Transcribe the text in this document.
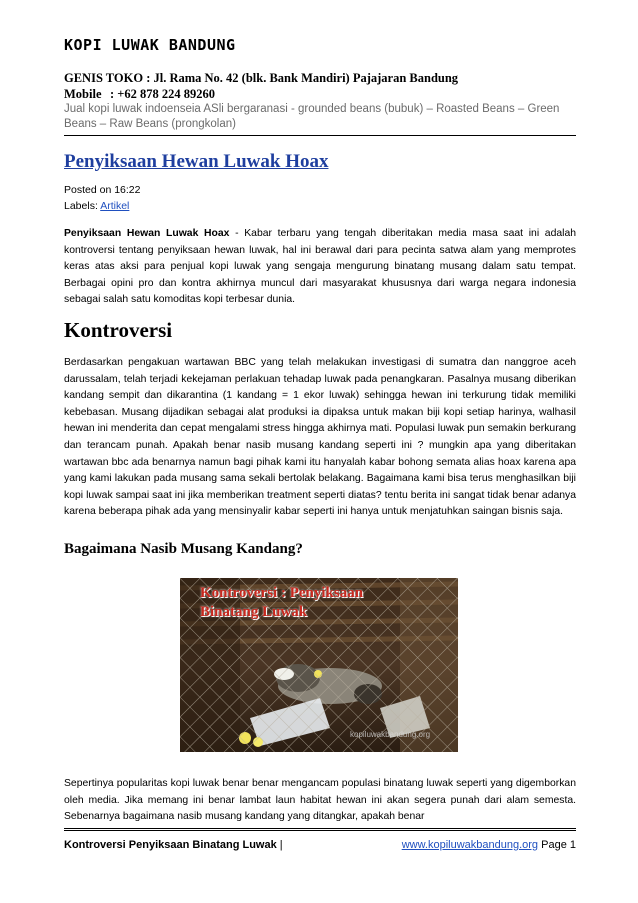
KOPI LUWAK BANDUNG
GENIS TOKO : Jl. Rama No. 42 (blk. Bank Mandiri) Pajajaran Bandung
Mobile : +62 878 224 89260
Jual kopi luwak indoenseia ASli bergaranasi - grounded beans (bubuk) – Roasted Beans – Green Beans – Raw Beans (prongkolan)
Penyiksaan Hewan Luwak Hoax
Posted on 16:22
Labels: Artikel

Penyiksaan Hewan Luwak Hoax - Kabar terbaru yang tengah diberitakan media masa saat ini adalah kontroversi tentang penyiksaan hewan luwak, hal ini berawal dari para pecinta satwa alam yang memprotes keras atas aksi para penjual kopi luwak yang sengaja mengurung binatang musang dalam satu tempat. Berbagai opini pro dan kontra akhirnya muncul dari masyarakat khususnya dari warga negara indonesia sebagai salah satu komoditas kopi terbesar dunia.

Kontroversi

Berdasarkan pengakuan wartawan BBC yang telah melakukan investigasi di sumatra dan nanggroe aceh darussalam, telah terjadi kekejaman perlakuan tehadap luwak pada penangkaran. Pasalnya musang diberikan kandang sempit dan dikarantina (1 kandang = 1 ekor luwak) sehingga hewan ini terkurung tidak memiliki kebebasan. Musang dijadikan sebagai alat produksi ia dipaksa untuk makan biji kopi setiap harinya, walhasil hewan ini menderita dan cepat mengalami stress hingga akhirnya mati. Populasi luwak pun semakin berkurang dan terancam punah. Apakah benar nasib musang kandang seperti ini ? mungkin apa yang diberitakan wartawan bbc ada benarnya namun bagi pihak kami itu hanyalah kabar bohong semata alias hoax karena apa yang kami lakukan pada musang sama sekali bertolak belakang. Bagaimana kami bisa terus menghasilkan biji kopi luwak sampai saat ini jika memberikan treatment seperti diatas? tentu berita ini sangat tidak benar adanya karena beberapa pihak ada yang mensinyalir kabar seperti ini hanya untuk menjatuhkan saingan bisnis saja.

Bagaimana Nasib Musang Kandang?
Kontroversi : Penyiksaan
Binatang Luwak
kopiluwakbandung.org

Sepertinya popularitas kopi luwak benar benar mengancam populasi binatang luwak seperti yang digemborkan oleh media. Jika memang ini benar lambat laun habitat hewan ini akan segera punah dari alam semesta. Sebenarnya bagaimana nasib musang kandang yang ditangkar, apakah benar

Kontroversi Penyiksaan Binatang Luwak |	www.kopiluwakbandung.org Page 1
